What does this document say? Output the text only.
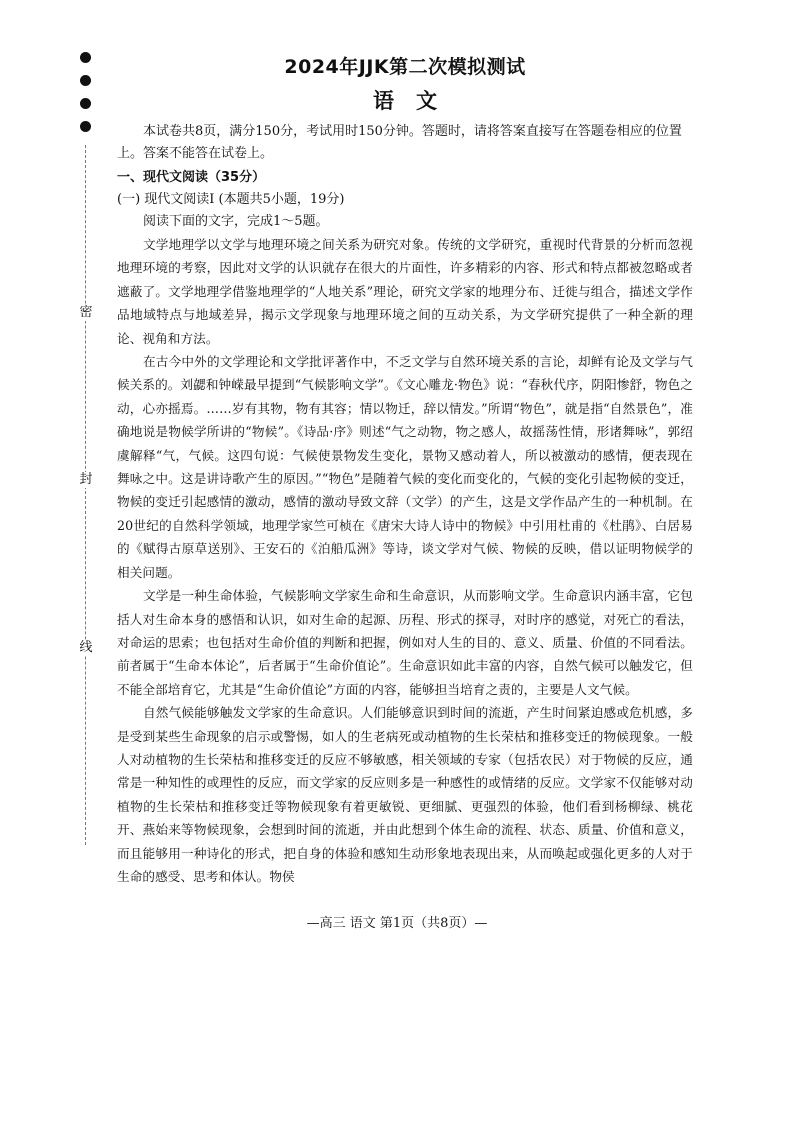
密
封
线
2024年JJK第二次模拟测试
语文

本试卷共8页，满分150分，考试用时150分钟。答题时，请将答案直接写在答题卷相应的位置上。答案不能答在试卷上。

一、现代文阅读（35分）
(一) 现代文阅读Ⅰ (本题共5小题，19分)

阅读下面的文字，完成1～5题。

文学地理学以文学与地理环境之间关系为研究对象。传统的文学研究，重视时代背景的分析而忽视地理环境的考察，因此对文学的认识就存在很大的片面性，许多精彩的内容、形式和特点都被忽略或者遮蔽了。文学地理学借鉴地理学的“人地关系”理论，研究文学家的地理分布、迁徙与组合，描述文学作品地域特点与地域差异，揭示文学现象与地理环境之间的互动关系，为文学研究提供了一种全新的理论、视角和方法。

在古今中外的文学理论和文学批评著作中，不乏文学与自然环境关系的言论，却鲜有论及文学与气候关系的。刘勰和钟嵘最早提到“气候影响文学”。《文心雕龙·物色》说：“春秋代序，阴阳惨舒，物色之动，心亦摇焉。……岁有其物，物有其容；情以物迁，辞以情发。”所谓“物色”，就是指“自然景色”，准确地说是物候学所讲的“物候”。《诗品·序》则述“气之动物，物之感人，故摇荡性情，形诸舞咏”，郭绍虞解释“气，气候。这四句说：气候使景物发生变化，景物又感动着人，所以被激动的感情，便表现在舞咏之中。这是讲诗歌产生的原因。”“物色”是随着气候的变化而变化的，气候的变化引起物候的变迁，物候的变迁引起感情的激动，感情的激动导致文辞（文学）的产生，这是文学作品产生的一种机制。在20世纪的自然科学领域，地理学家竺可桢在《唐宋大诗人诗中的物候》中引用杜甫的《杜鹃》、白居易的《赋得古原草送别》、王安石的《泊船瓜洲》等诗，谈文学对气候、物候的反映，借以证明物候学的相关问题。

文学是一种生命体验，气候影响文学家生命和生命意识，从而影响文学。生命意识内涵丰富，它包括人对生命本身的感悟和认识，如对生命的起源、历程、形式的探寻，对时序的感觉，对死亡的看法，对命运的思索；也包括对生命价值的判断和把握，例如对人生的目的、意义、质量、价值的不同看法。前者属于“生命本体论”，后者属于“生命价值论”。生命意识如此丰富的内容，自然气候可以触发它，但不能全部培育它，尤其是“生命价值论”方面的内容，能够担当培育之责的，主要是人文气候。

自然气候能够触发文学家的生命意识。人们能够意识到时间的流逝，产生时间紧迫感或危机感，多是受到某些生命现象的启示或警惕，如人的生老病死或动植物的生长荣枯和推移变迁的物候现象。一般人对动植物的生长荣枯和推移变迁的反应不够敏感，相关领域的专家（包括农民）对于物候的反应，通常是一种知性的或理性的反应，而文学家的反应则多是一种感性的或情绪的反应。文学家不仅能够对动植物的生长荣枯和推移变迁等物候现象有着更敏锐、更细腻、更强烈的体验，他们看到杨柳绿、桃花开、燕始来等物候现象，会想到时间的流逝，并由此想到个体生命的流程、状态、质量、价值和意义，而且能够用一种诗化的形式，把自身的体验和感知生动形象地表现出来，从而唤起或强化更多的人对于生命的感受、思考和体认。物侯

—高三 语文 第1页（共8页）—
